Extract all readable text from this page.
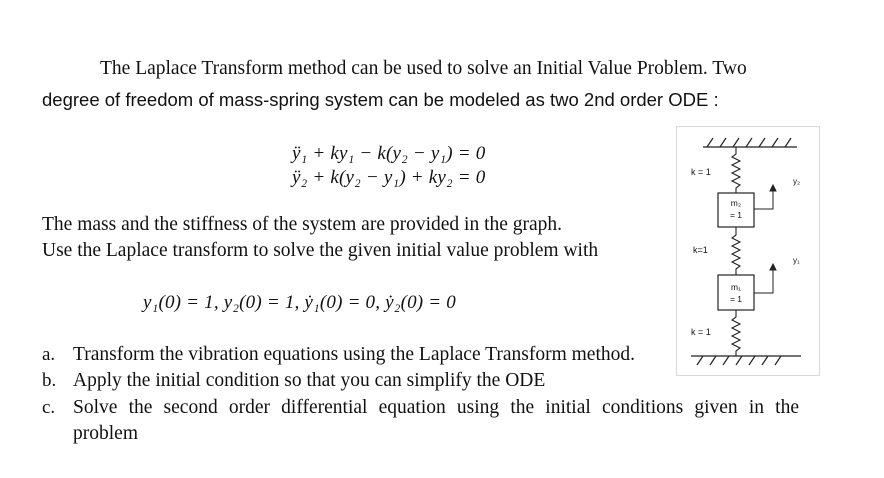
The Laplace Transform method can be used to solve an Initial Value Problem. Two
degree of freedom of mass-spring system can be modeled as two 2nd order ODE :
ÿ₁ + ky₁ − k(y₂ − y₁) = 0
ÿ₂ + k(y₂ − y₁) + ky₂ = 0
The mass and the stiffness of the system are provided in the graph.
Use the Laplace transform to solve the given initial value problem with
y₁(0) = 1, y₂(0) = 1, ẏ₁(0) = 0, ẏ₂(0) = 0
a. Transform the vibration equations using the Laplace Transform method.
b. Apply the initial condition so that you can simplify the ODE
c. Solve the second order differential equation using the initial conditions given in the
problem
k = 1
y₂
m₂
= 1
k=1
y₁
m₁
= 1
k = 1
